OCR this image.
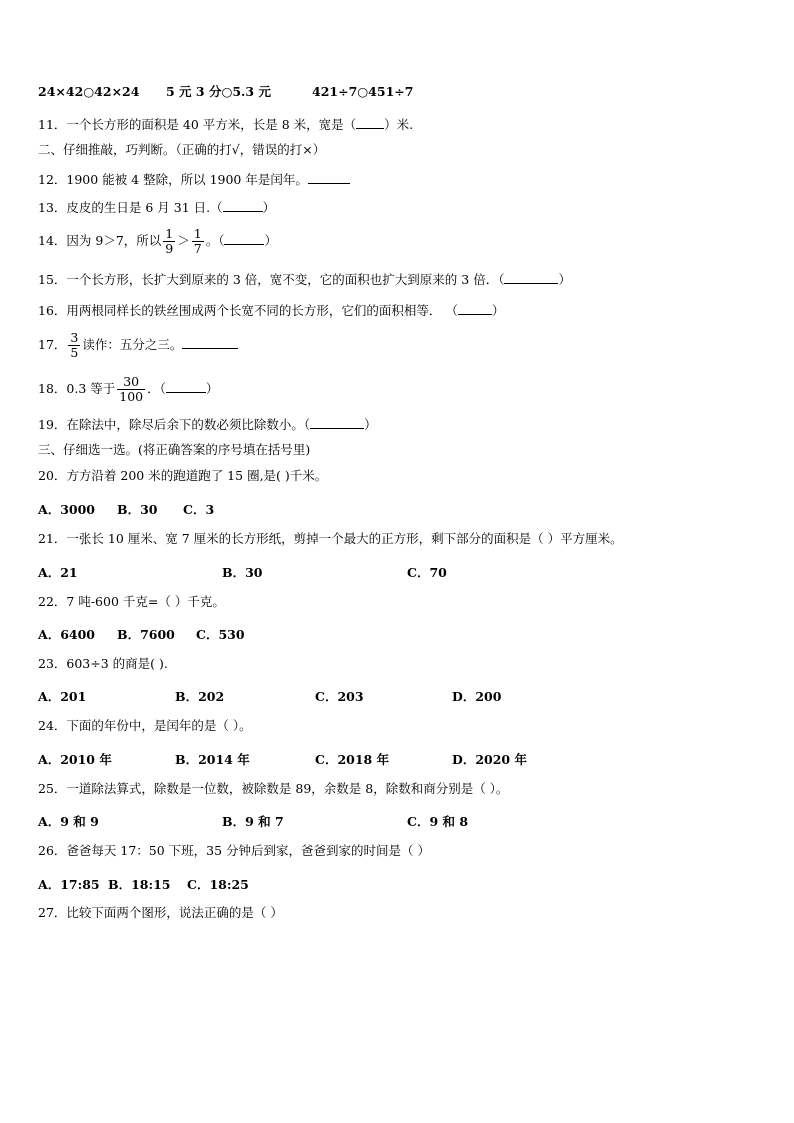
24×42○42×24 5 元 3 分○5.3 元	421÷7○451÷7
11．一个长方形的面积是 40 平方米，长是 8 米，宽是（ ）米.
二、仔细推敲，巧判断。（正确的打√，错误的打×）
12．1900 能被 4 整除，所以 1900 年是闰年。
13．皮皮的生日是 6 月 31 日.（	）
14．因为 9＞7，所以 $\frac{1}{9} > \frac{1}{7}$ 。（	）
15．一个长方形，长扩大到原来的 3 倍，宽不变，它的面积也扩大到原来的 3 倍．（	）
16．用两根同样长的铁丝围成两个长宽不同的长方形，它们的面积相等． （	）
17． $\frac{3}{5}$ 读作：五分之三。
18．0.3 等于 $\frac{30}{100}$ ．（	）
19．在除法中，除尽后余下的数必须比除数小。（	）
三、仔细选一选。(将正确答案的序号填在括号里)
20．方方沿着 200 米的跑道跑了 15 圈,是( )千米。
A．3000 B．30 C．3
21．一张长 10 厘米、宽 7 厘米的长方形纸，剪掉一个最大的正方形，剩下部分的面积是（ ）平方厘米。
A．21	B．30	C．70
22．7 吨-600 千克=（ ）千克。
A．6400 B．7600 C．530
23．603÷3 的商是( ).
A．201	B．202	C．203	D．200
24．下面的年份中，是闰年的是（ ）。
A．2010 年	B．2014 年	C．2018 年	D．2020 年
25．一道除法算式，除数是一位数，被除数是 89，余数是 8，除数和商分别是（ ）。
A．9 和 9	B．9 和 7	C．9 和 8
26．爸爸每天 17：50 下班，35 分钟后到家，爸爸到家的时间是（ ）
A．17:85 B．18:15 C．18:25
27．比较下面两个图形，说法正确的是（ ）
